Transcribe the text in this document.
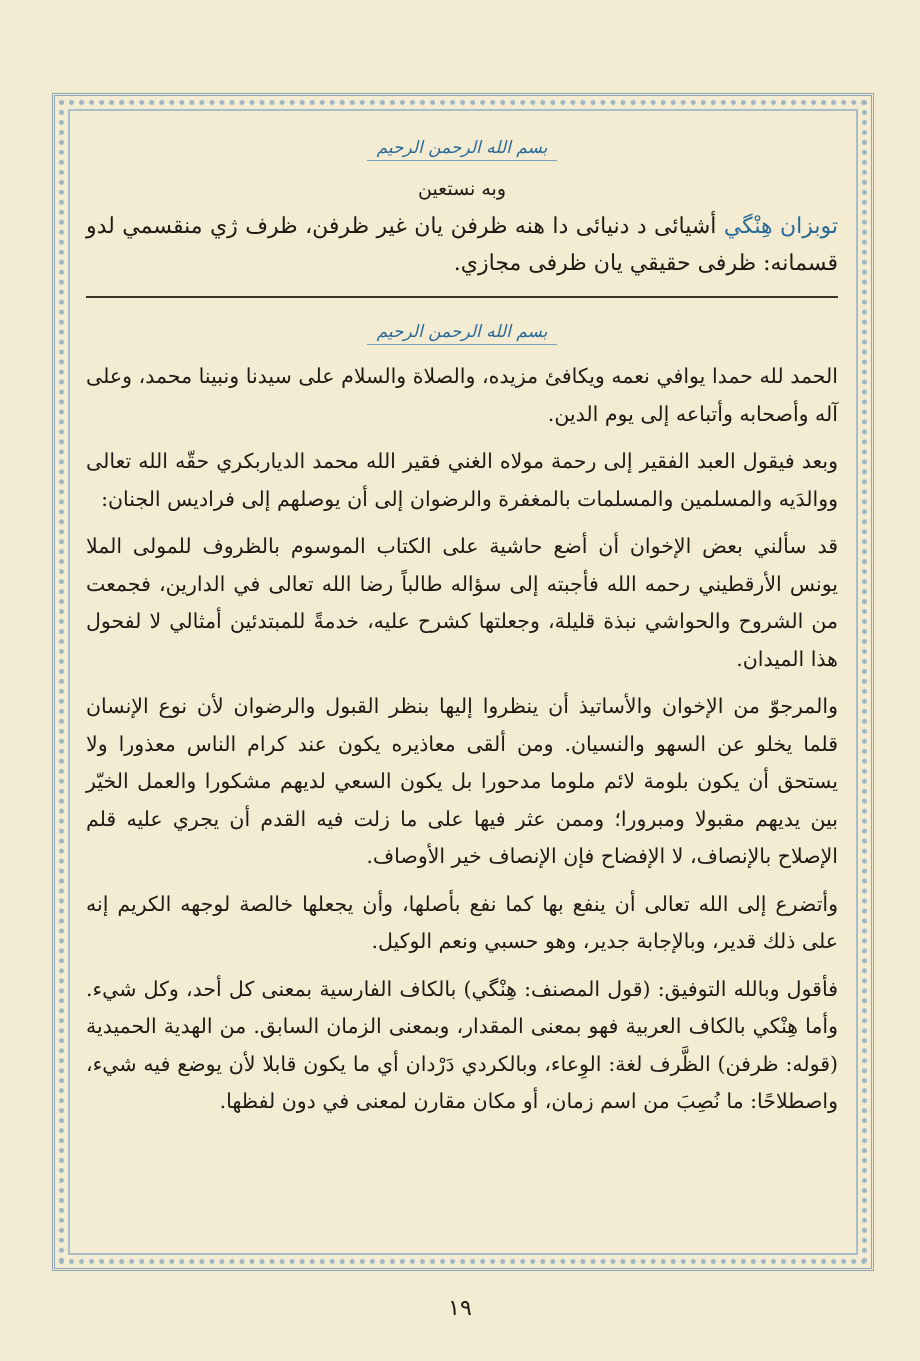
بسم الله الرحمن الرحيم
وبه نستعين

توبزان هِنْگي أشيائى د دنيائى دا هنه ظرفن يان غير ظرفن، ظرف ژي منقسمي لدو قسمانه: ظرفى حقيقي يان ظرفى مجازي.

بسم الله الرحمن الرحيم

الحمد لله حمدا يوافي نعمه ويكافئ مزيده، والصلاة والسلام على سيدنا ونبينا محمد، وعلى آله وأصحابه وأتباعه إلى يوم الدين.

وبعد فيقول العبد الفقير إلى رحمة مولاه الغني فقير الله محمد الدياربكري حقّه الله تعالى ووالدَيه والمسلمين والمسلمات بالمغفرة والرضوان إلى أن يوصلهم إلى فراديس الجنان:

قد سألني بعض الإخوان أن أضع حاشية على الكتاب الموسوم بالظروف للمولى الملا يونس الأرقطيني رحمه الله فأجبته إلى سؤاله طالباً رضا الله تعالى في الدارين، فجمعت من الشروح والحواشي نبذة قليلة، وجعلتها كشرح عليه، خدمةً للمبتدئين أمثالي لا لفحول هذا الميدان.

والمرجوّ من الإخوان والأساتيذ أن ينظروا إليها بنظر القبول والرضوان لأن نوع الإنسان قلما يخلو عن السهو والنسيان. ومن ألقى معاذيره يكون عند كرام الناس معذورا ولا يستحق أن يكون بلومة لائم ملوما مدحورا بل يكون السعي لديهم مشكورا والعمل الخيّر بين يديهم مقبولا ومبرورا؛ وممن عثر فيها على ما زلت فيه القدم أن يجري عليه قلم الإصلاح بالإنصاف، لا الإفضاح فإن الإنصاف خير الأوصاف.

وأتضرع إلى الله تعالى أن ينفع بها كما نفع بأصلها، وأن يجعلها خالصة لوجهه الكريم إنه على ذلك قدير، وبالإجابة جدير، وهو حسبي ونعم الوكيل.

فأقول وبالله التوفيق: (قول المصنف: هِنْگي) بالكاف الفارسية بمعنى كل أحد، وكل شيء. وأما هِنْكي بالكاف العربية فهو بمعنى المقدار، وبمعنى الزمان السابق. من الهدية الحميدية (قوله: ظرفن) الظَّرف لغة: الوِعاء، وبالكردي دَرْدان أي ما يكون قابلا لأن يوضع فيه شيء، واصطلاحًا: ما نُصِبَ من اسم زمان، أو مكان مقارن لمعنى في دون لفظها.

١٩
